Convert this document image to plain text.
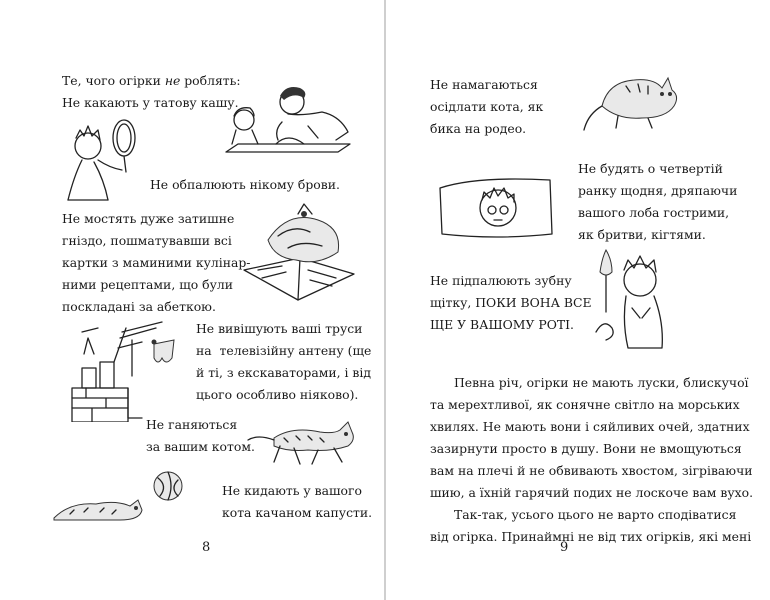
Те, чого огірки не роблять:

Не какають у татову кашу.

Не обпалюють нікому брови.

Не мостять дуже затишне
гніздо, пошматувавши всі
картки з маминими кулінар-
ними рецептами, що були
поскладані за абеткою.

Не вивішують ваші труси
на  телевізійну антену (ще
й ті, з екскаваторами, і від
цього особливо ніяково).

Не ганяються
за вашим котом.

Не кидають у вашого
кота качаном капусти.

8

Не намагаються
осідлати кота, як
бика на родео.

Не будять о четвертій
ранку щодня, дряпаючи
вашого лоба гострими,
як бритви, кігтями.

Не підпалюють зубну
щітку, ПОКИ ВОНА ВСЕ
ЩЕ У ВАШОМУ РОТІ.

Певна річ, огірки не мають луски, блискучої
та мерехтливої, як сонячне світло на морських
хвилях. Не мають вони і сяйливих очей, здатних
зазирнути просто в душу. Вони не вмощуються
вам на плечі й не обвивають хвостом, зігріваючи
шию, а їхній гарячий подих не лоскоче вам вухо.

Так-так, усього цього не варто сподіватися
від огірка. Принаймні не від тих огірків, які мені

9
